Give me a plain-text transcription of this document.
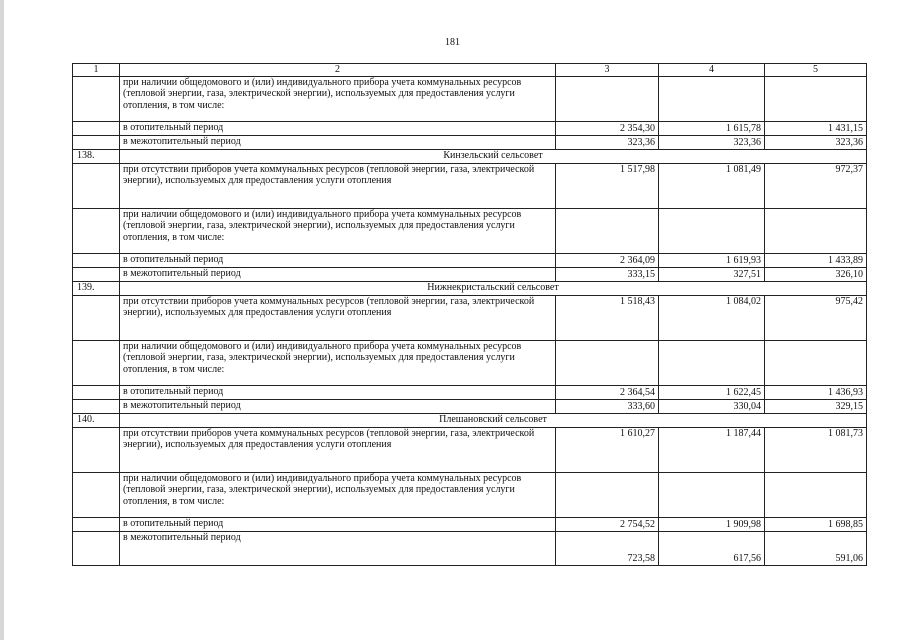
181
1	2	3	4	5
	при наличии общедомового и (или) индивидуального прибора учета коммунальных ресурсов (тепловой энергии, газа, электрической энергии), используемых для предоставления услуги отопления, в том числе:			
	в отопительный период	2 354,30	1 615,78	1 431,15
	в межотопительный период	323,36	323,36	323,36
138.	Кинзельский сельсовет			
	при отсутствии приборов учета коммунальных ресурсов (тепловой энергии, газа, электрической энергии), используемых для предоставления услуги отопления	1 517,98	1 081,49	972,37
	при наличии общедомового и (или) индивидуального прибора учета коммунальных ресурсов (тепловой энергии, газа, электрической энергии), используемых для предоставления услуги отопления, в том числе:			
	в отопительный период	2 364,09	1 619,93	1 433,89
	в межотопительный период	333,15	327,51	326,10
139.	Нижнекристальский сельсовет			
	при отсутствии приборов учета коммунальных ресурсов (тепловой энергии, газа, электрической энергии), используемых для предоставления услуги отопления	1 518,43	1 084,02	975,42
	при наличии общедомового и (или) индивидуального прибора учета коммунальных ресурсов (тепловой энергии, газа, электрической энергии), используемых для предоставления услуги отопления, в том числе:			
	в отопительный период	2 364,54	1 622,45	1 436,93
	в межотопительный период	333,60	330,04	329,15
140.	Плешановский сельсовет			
	при отсутствии приборов учета коммунальных ресурсов (тепловой энергии, газа, электрической энергии), используемых для предоставления услуги отопления	1 610,27	1 187,44	1 081,73
	при наличии общедомового и (или) индивидуального прибора учета коммунальных ресурсов (тепловой энергии, газа, электрической энергии), используемых для предоставления услуги отопления, в том числе:			
	в отопительный период	2 754,52	1 909,98	1 698,85
	в межотопительный период	723,58	617,56	591,06
